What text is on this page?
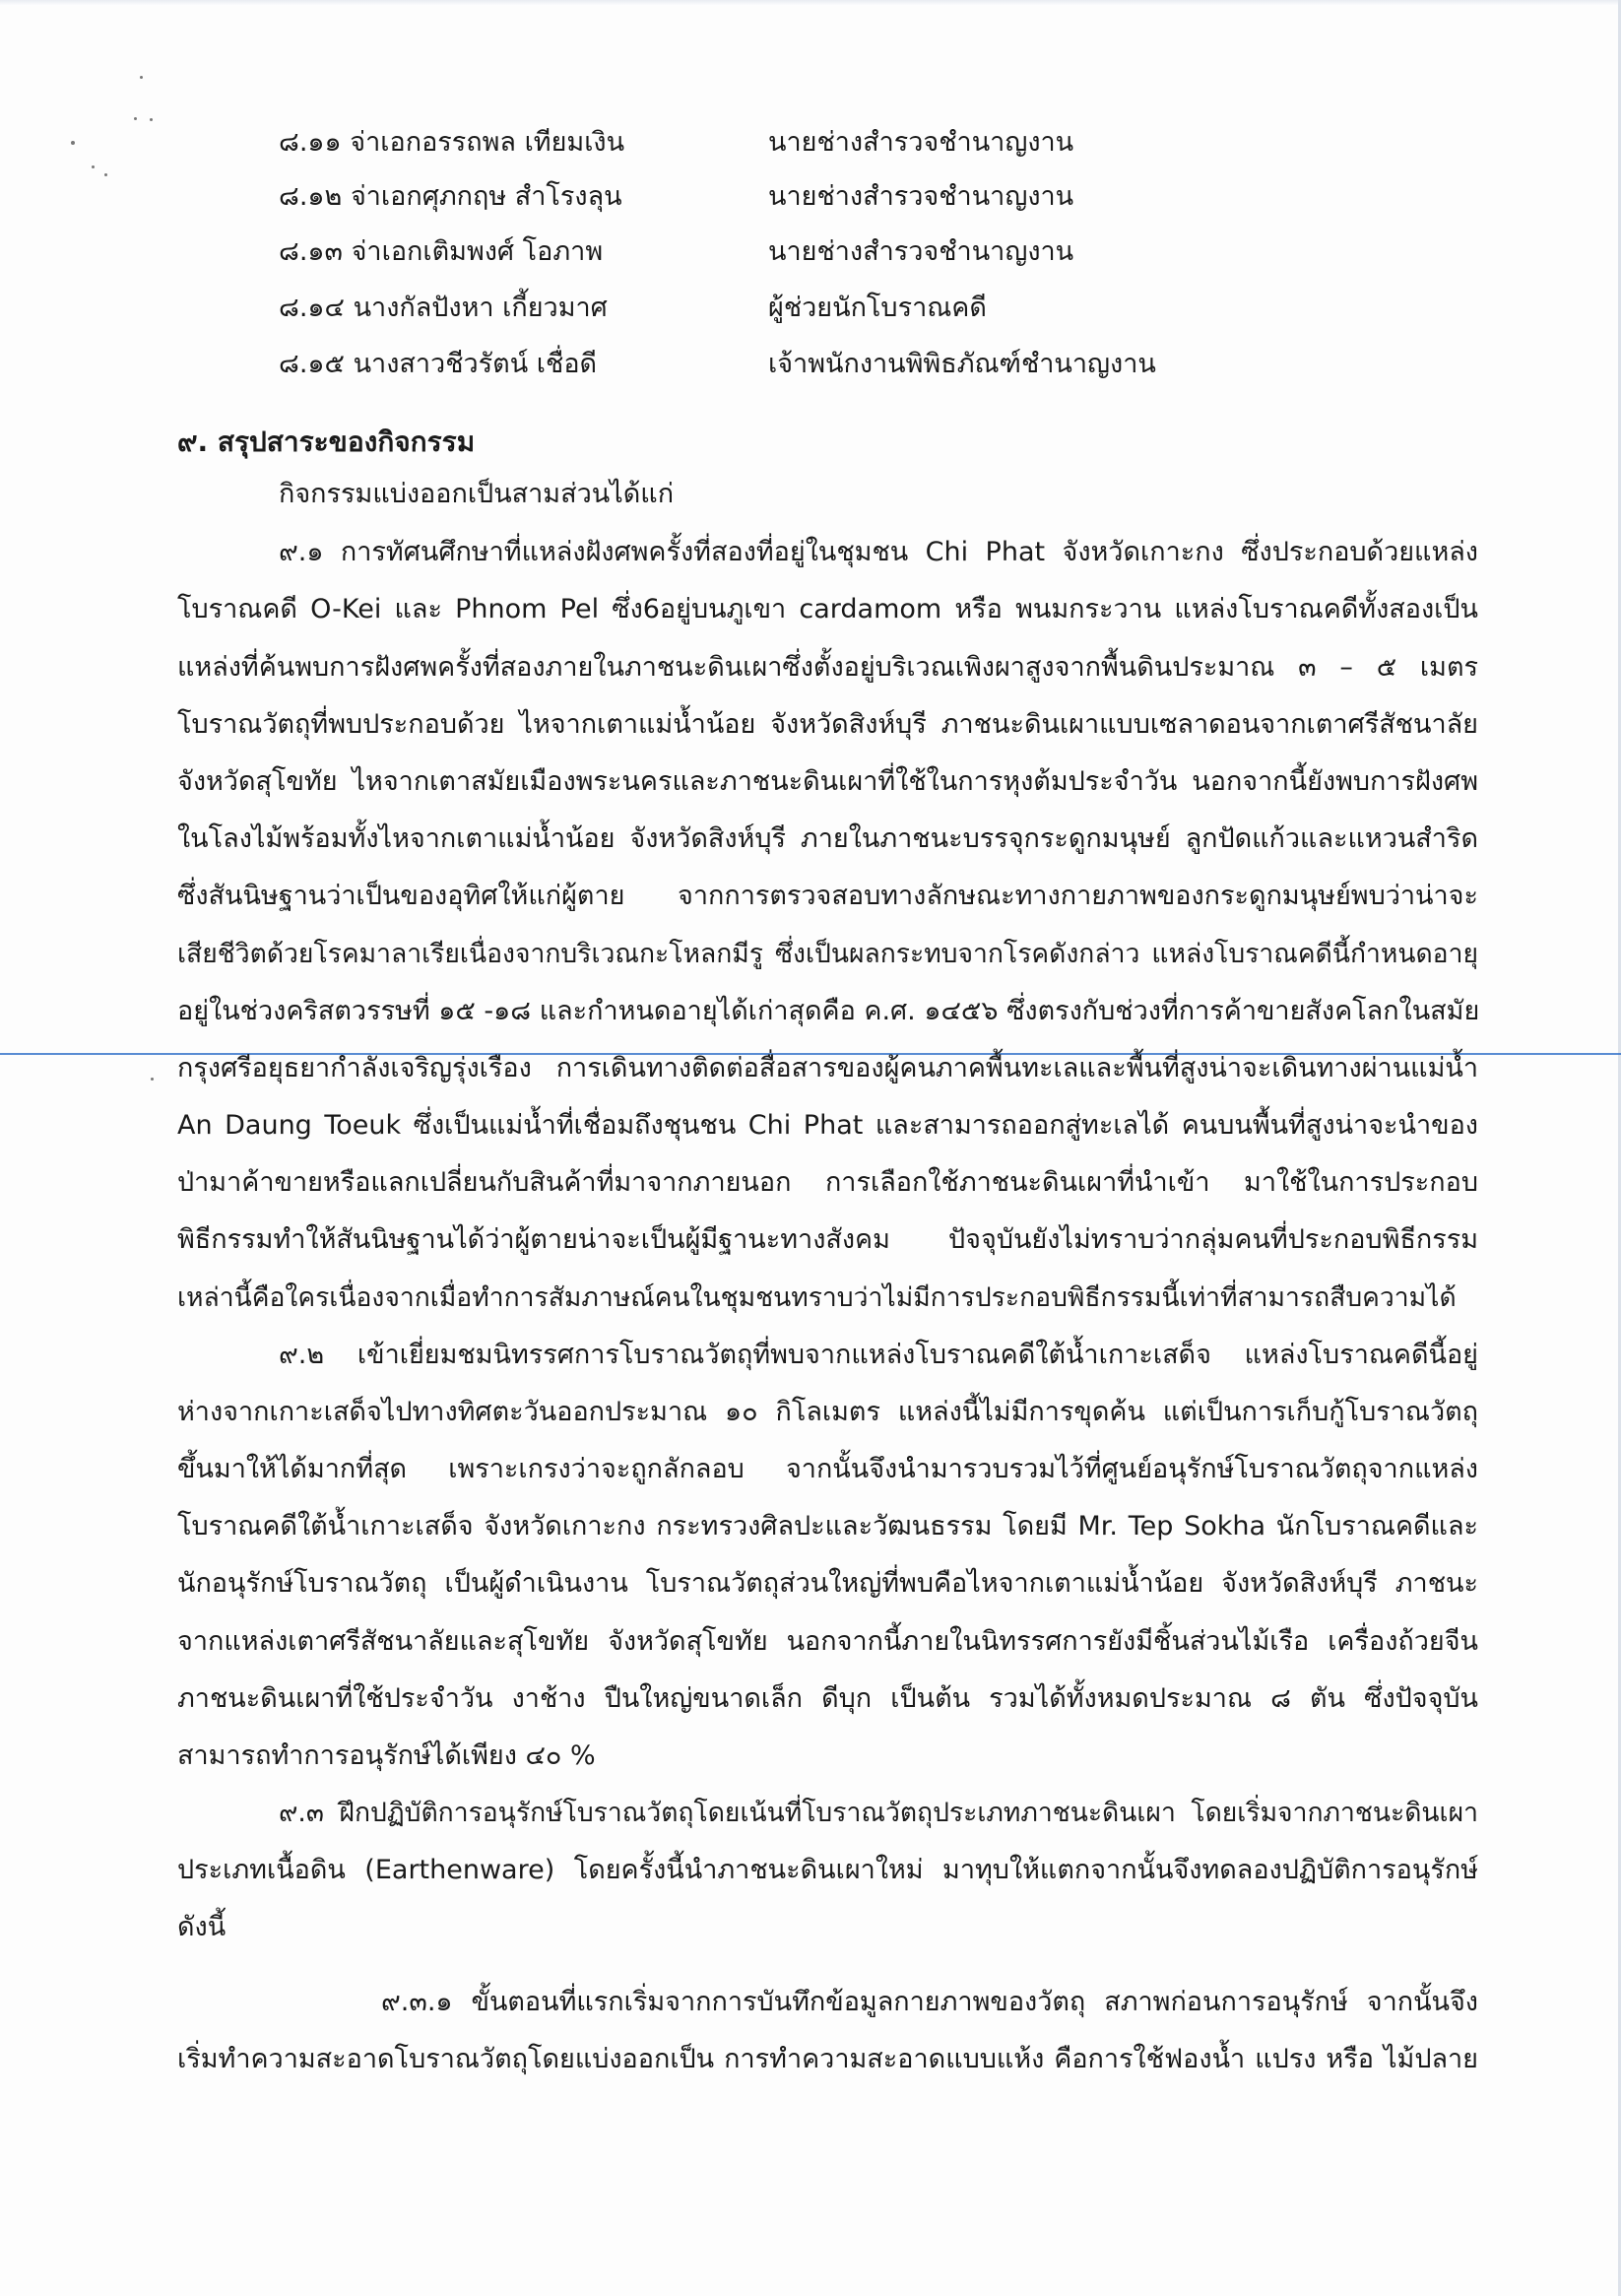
๘.๑๑ จ่าเอกอรรถพล เทียมเงิน	นายช่างสำรวจชำนาญงาน
๘.๑๒ จ่าเอกศุภกฤษ สำโรงลุน	นายช่างสำรวจชำนาญงาน
๘.๑๓ จ่าเอกเติมพงศ์ โอภาพ	นายช่างสำรวจชำนาญงาน
๘.๑๔ นางกัลปังหา เกี้ยวมาศ	ผู้ช่วยนักโบราณคดี
๘.๑๕ นางสาวชีวรัตน์ เชื่อดี	เจ้าพนักงานพิพิธภัณฑ์ชำนาญงาน
๙. สรุปสาระของกิจกรรม
กิจกรรมแบ่งออกเป็นสามส่วนได้แก่
๙.๑ การทัศนศึกษาที่แหล่งฝังศพครั้งที่สองที่อยู่ในชุมชน Chi Phat จังหวัดเกาะกง ซึ่งประกอบด้วยแหล่ง
โบราณคดี O-Kei และ Phnom Pel ซึ่ง6อยู่บนภูเขา cardamom หรือ พนมกระวาน แหล่งโบราณคดีทั้งสองเป็น
แหล่งที่ค้นพบการฝังศพครั้งที่สองภายในภาชนะดินเผาซึ่งตั้งอยู่บริเวณเพิงผาสูงจากพื้นดินประมาณ ๓ – ๕ เมตร
โบราณวัตถุที่พบประกอบด้วย ไหจากเตาแม่น้ำน้อย จังหวัดสิงห์บุรี ภาชนะดินเผาแบบเซลาดอนจากเตาศรีสัชนาลัย
จังหวัดสุโขทัย ไหจากเตาสมัยเมืองพระนครและภาชนะดินเผาที่ใช้ในการหุงต้มประจำวัน นอกจากนี้ยังพบการฝังศพ
ในโลงไม้พร้อมทั้งไหจากเตาแม่น้ำน้อย จังหวัดสิงห์บุรี ภายในภาชนะบรรจุกระดูกมนุษย์ ลูกปัดแก้วและแหวนสำริด
ซึ่งสันนิษฐานว่าเป็นของอุทิศให้แก่ผู้ตาย จากการตรวจสอบทางลักษณะทางกายภาพของกระดูกมนุษย์พบว่าน่าจะ
เสียชีวิตด้วยโรคมาลาเรียเนื่องจากบริเวณกะโหลกมีรู ซึ่งเป็นผลกระทบจากโรคดังกล่าว แหล่งโบราณคดีนี้กำหนดอายุ
อยู่ในช่วงคริสตวรรษที่ ๑๕ -๑๘ และกำหนดอายุได้เก่าสุดคือ ค.ศ. ๑๔๕๖ ซึ่งตรงกับช่วงที่การค้าขายสังคโลกในสมัย
กรุงศรีอยุธยากำลังเจริญรุ่งเรือง การเดินทางติดต่อสื่อสารของผู้คนภาคพื้นทะเลและพื้นที่สูงน่าจะเดินทางผ่านแม่น้ำ
An Daung Toeuk ซึ่งเป็นแม่น้ำที่เชื่อมถึงชุนชน Chi Phat และสามารถออกสู่ทะเลได้ คนบนพื้นที่สูงน่าจะนำของ
ป่ามาค้าขายหรือแลกเปลี่ยนกับสินค้าที่มาจากภายนอก การเลือกใช้ภาชนะดินเผาที่นำเข้า มาใช้ในการประกอบ
พิธีกรรมทำให้สันนิษฐานได้ว่าผู้ตายน่าจะเป็นผู้มีฐานะทางสังคม ปัจจุบันยังไม่ทราบว่ากลุ่มคนที่ประกอบพิธีกรรม
เหล่านี้คือใครเนื่องจากเมื่อทำการสัมภาษณ์คนในชุมชนทราบว่าไม่มีการประกอบพิธีกรรมนี้เท่าที่สามารถสืบความได้
๙.๒ เข้าเยี่ยมชมนิทรรศการโบราณวัตถุที่พบจากแหล่งโบราณคดีใต้น้ำเกาะเสด็จ แหล่งโบราณคดีนี้อยู่
ห่างจากเกาะเสด็จไปทางทิศตะวันออกประมาณ ๑๐ กิโลเมตร แหล่งนี้ไม่มีการขุดค้น แต่เป็นการเก็บกู้โบราณวัตถุ
ขึ้นมาให้ได้มากที่สุด เพราะเกรงว่าจะถูกลักลอบ จากนั้นจึงนำมารวบรวมไว้ที่ศูนย์อนุรักษ์โบราณวัตถุจากแหล่ง
โบราณคดีใต้น้ำเกาะเสด็จ จังหวัดเกาะกง กระทรวงศิลปะและวัฒนธรรม โดยมี Mr. Tep Sokha นักโบราณคดีและ
นักอนุรักษ์โบราณวัตถุ เป็นผู้ดำเนินงาน โบราณวัตถุส่วนใหญ่ที่พบคือไหจากเตาแม่น้ำน้อย จังหวัดสิงห์บุรี ภาชนะ
จากแหล่งเตาศรีสัชนาลัยและสุโขทัย จังหวัดสุโขทัย นอกจากนี้ภายในนิทรรศการยังมีชิ้นส่วนไม้เรือ เครื่องถ้วยจีน
ภาชนะดินเผาที่ใช้ประจำวัน งาช้าง ปืนใหญ่ขนาดเล็ก ดีบุก เป็นต้น รวมได้ทั้งหมดประมาณ ๘ ตัน ซึ่งปัจจุบัน
สามารถทำการอนุรักษ์ได้เพียง ๔๐ %
๙.๓ ฝึกปฏิบัติการอนุรักษ์โบราณวัตถุโดยเน้นที่โบราณวัตถุประเภทภาชนะดินเผา โดยเริ่มจากภาชนะดินเผา
ประเภทเนื้อดิน (Earthenware) โดยครั้งนี้นำภาชนะดินเผาใหม่ มาทุบให้แตกจากนั้นจึงทดลองปฏิบัติการอนุรักษ์
ดังนี้
๙.๓.๑ ขั้นตอนที่แรกเริ่มจากการบันทึกข้อมูลกายภาพของวัตถุ สภาพก่อนการอนุรักษ์ จากนั้นจึง
เริ่มทำความสะอาดโบราณวัตถุโดยแบ่งออกเป็น การทำความสะอาดแบบแห้ง คือการใช้ฟองน้ำ แปรง หรือ ไม้ปลาย
